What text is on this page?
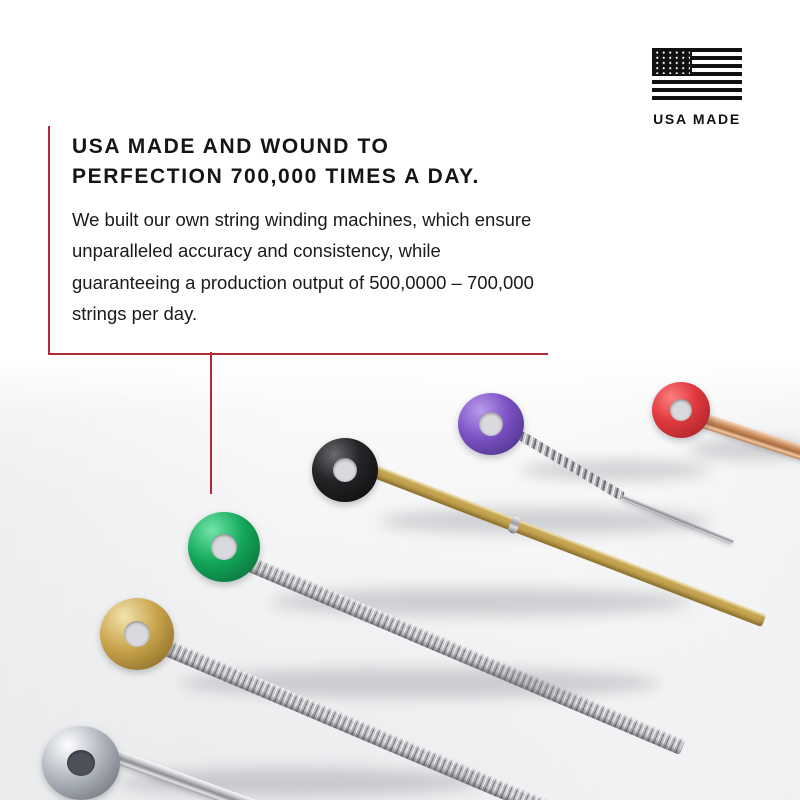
USA MADE
USA MADE AND WOUND TO PERFECTION 700,000 TIMES A DAY.

We built our own string winding machines, which ensure unparalleled accuracy and consistency, while guaranteeing a production output of 500,0000 – 700,000 strings per day.
